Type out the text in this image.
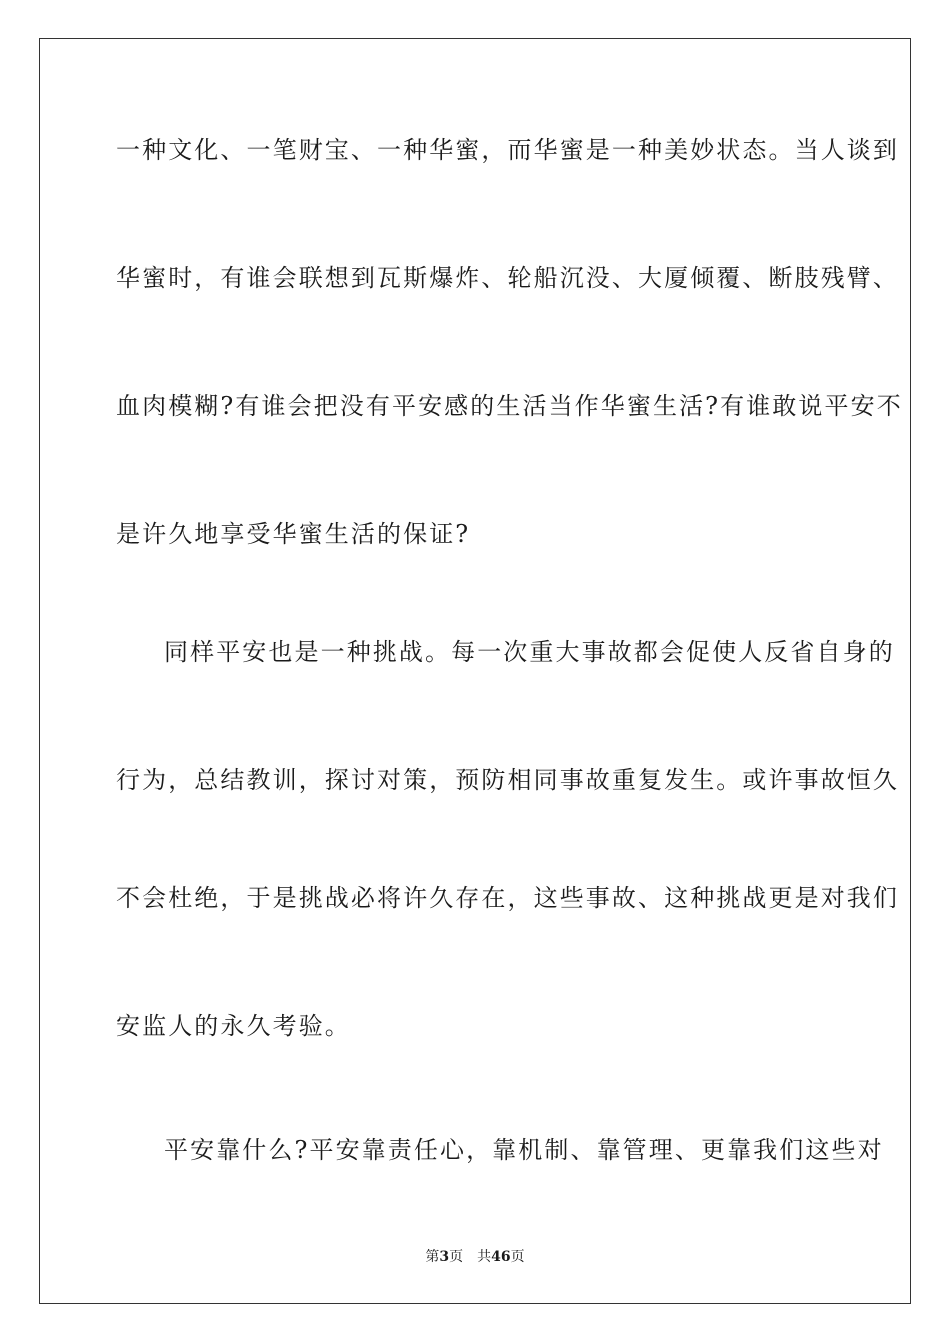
一种文化、一笔财宝、一种华蜜，而华蜜是一种美妙状态。当人谈到
华蜜时，有谁会联想到瓦斯爆炸、轮船沉没、大厦倾覆、断肢残臂、
血肉模糊?有谁会把没有平安感的生活当作华蜜生活?有谁敢说平安不
是许久地享受华蜜生活的保证?
同样平安也是一种挑战。每一次重大事故都会促使人反省自身的
行为，总结教训，探讨对策，预防相同事故重复发生。或许事故恒久
不会杜绝，于是挑战必将许久存在，这些事故、这种挑战更是对我们
安监人的永久考验。
平安靠什么?平安靠责任心，靠机制、靠管理、更靠我们这些对
第3页 共46页
